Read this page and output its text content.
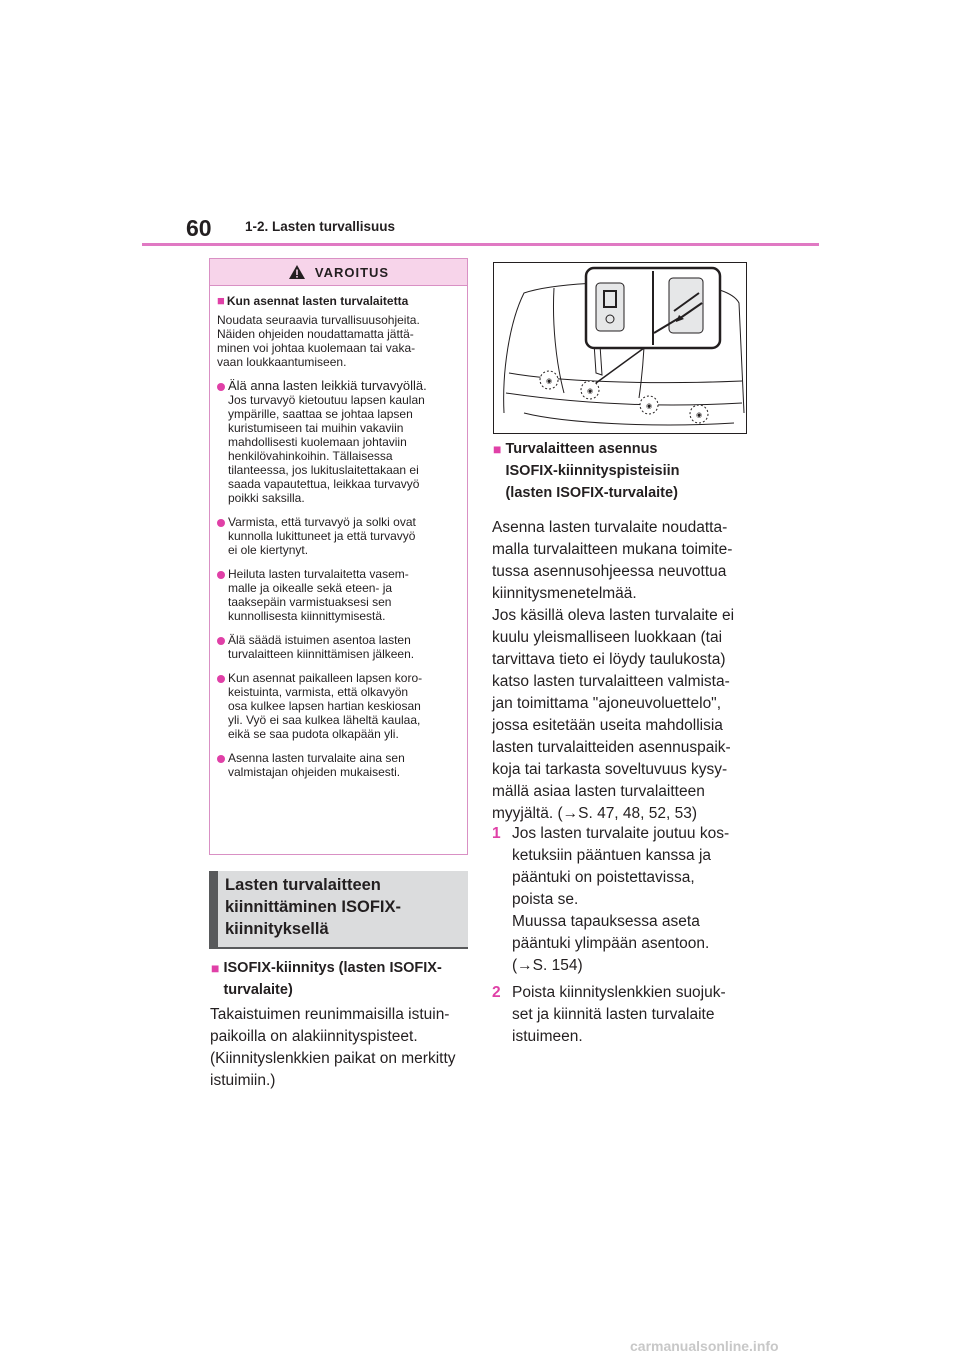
60 1-2. Lasten turvallisuus
VAROITUS
■ Kun asennat lasten turvalaitetta
Noudata seuraavia turvallisuusohjeita.
Näiden ohjeiden noudattamatta jättä-
minen voi johtaa kuolemaan tai vaka-
vaan loukkaantumiseen.
Älä anna lasten leikkiä turvavyöllä.
Jos turvavyö kietoutuu lapsen kaulan
ympärille, saattaa se johtaa lapsen
kuristumiseen tai muihin vakaviin
mahdollisesti kuolemaan johtaviin
henkilövahinkoihin. Tällaisessa
tilanteessa, jos lukituslaitettakaan ei
saada vapautettua, leikkaa turvavyö
poikki saksilla.
Varmista, että turvavyö ja solki ovat
kunnolla lukittuneet ja että turvavyö
ei ole kiertynyt.
Heiluta lasten turvalaitetta vasem-
malle ja oikealle sekä eteen- ja
taaksepäin varmistuaksesi sen
kunnollisesta kiinnittymisestä.
Älä säädä istuimen asentoa lasten
turvalaitteen kiinnittämisen jälkeen.
Kun asennat paikalleen lapsen koro-
keistuinta, varmista, että olkavyön
osa kulkee lapsen hartian keskiosan
yli. Vyö ei saa kulkea läheltä kaulaa,
eikä se saa pudota olkapään yli.
Asenna lasten turvalaite aina sen
valmistajan ohjeiden mukaisesti.
Lasten turvalaitteen
kiinnittäminen ISOFIX-
kiinnityksellä
■ ISOFIX-kiinnitys (lasten ISOFIX-
turvalaite)
Takaistuimen reunimmaisilla istuin-
paikoilla on alakiinnityspisteet.
(Kiinnityslenkkien paikat on merkitty
istuimiin.)
◉
◉
◉
◉
■ Turvalaitteen asennus
ISOFIX-kiinnityspisteisiin
(lasten ISOFIX-turvalaite)
Asenna lasten turvalaite noudatta-
malla turvalaitteen mukana toimite-
tussa asennusohjeessa neuvottua
kiinnitysmenetelmää.
Jos käsillä oleva lasten turvalaite ei
kuulu yleismalliseen luokkaan (tai
tarvittava tieto ei löydy taulukosta)
katso lasten turvalaitteen valmista-
jan toimittama "ajoneuvoluettelo",
jossa esitetään useita mahdollisia
lasten turvalaitteiden asennuspaik-
koja tai tarkasta soveltuvuus kysy-
mällä asiaa lasten turvalaitteen
myyjältä. (→S. 47, 48, 52, 53)
1 Jos lasten turvalaite joutuu kos-
ketuksiin pääntuen kanssa ja
pääntuki on poistettavissa,
poista se.
Muussa tapauksessa aseta
pääntuki ylimpään asentoon.
(→S. 154)
2 Poista kiinnityslenkkien suojuk-
set ja kiinnitä lasten turvalaite
istuimeen.
carmanualsonline.info
